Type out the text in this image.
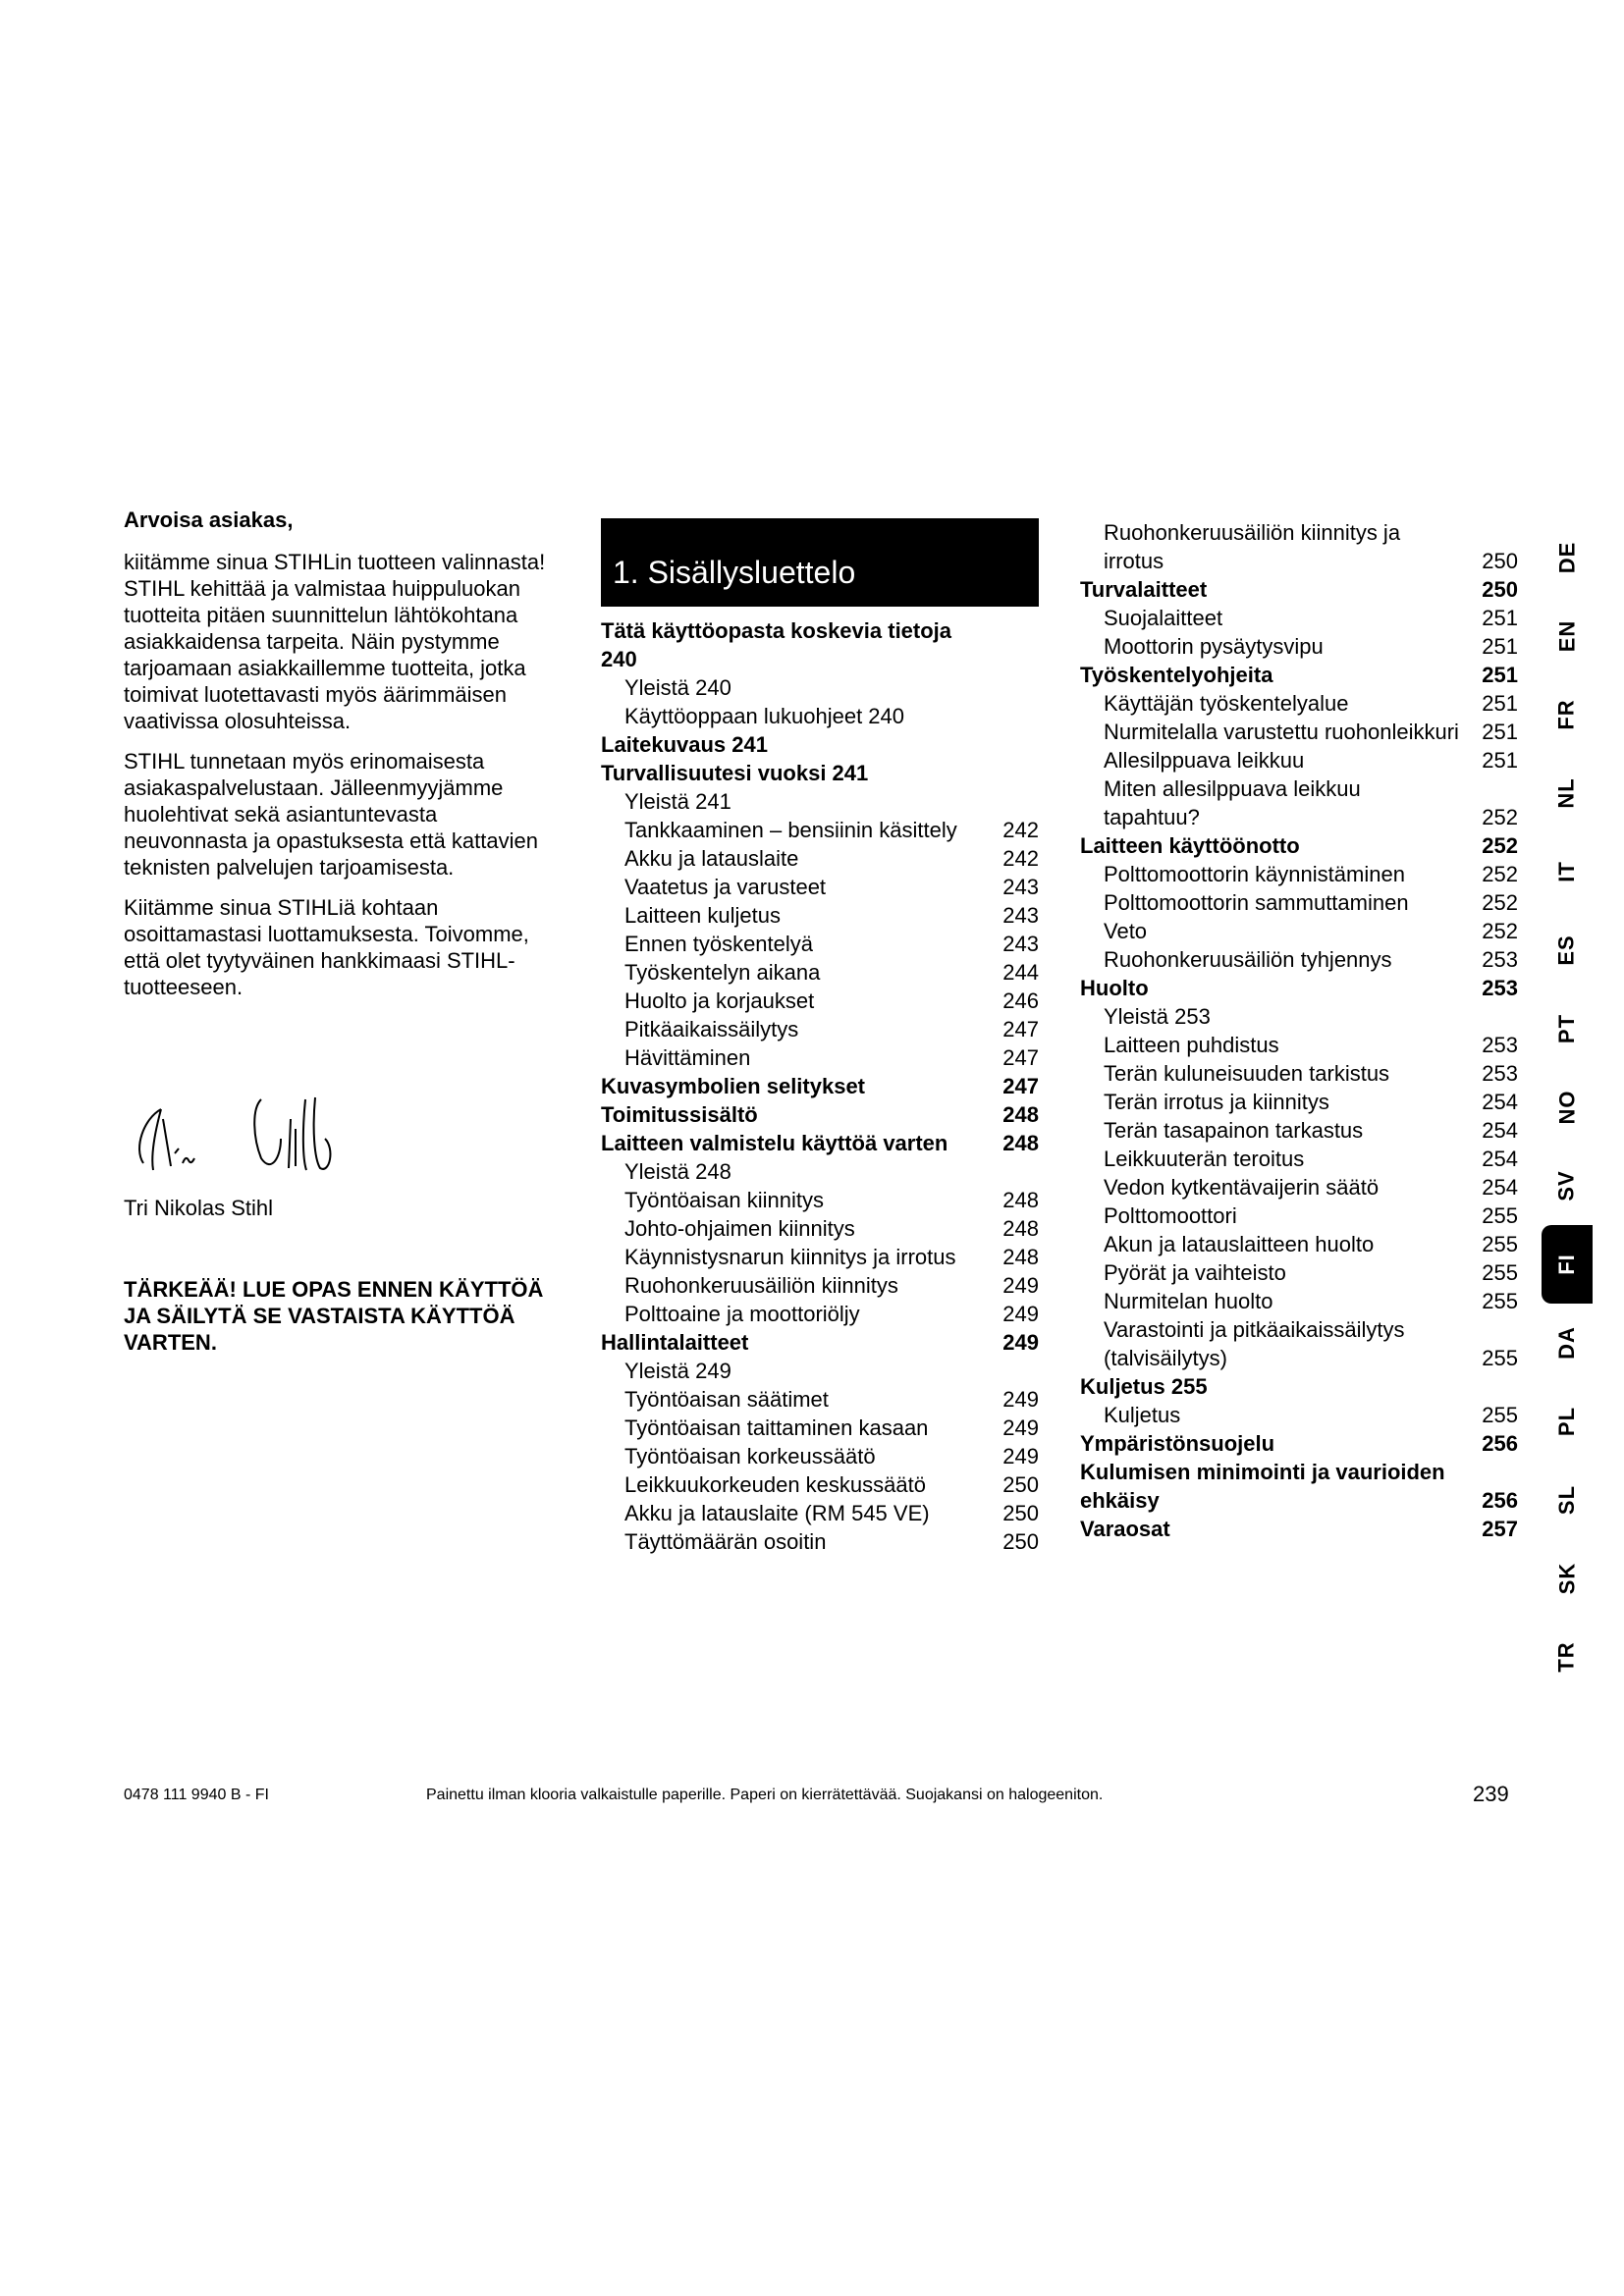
Arvoisa asiakas,

kiitämme sinua STIHLin tuotteen valinnasta! STIHL kehittää ja valmistaa huippuluokan tuotteita pitäen suunnittelun lähtökohtana asiakkaidensa tarpeita. Näin pystymme tarjoamaan asiakkaillemme tuotteita, jotka toimivat luotettavasti myös äärimmäisen vaativissa olosuhteissa.

STIHL tunnetaan myös erinomaisesta asiakaspalvelustaan. Jälleenmyyjämme huolehtivat sekä asiantuntevasta neuvonnasta ja opastuksesta että kattavien teknisten palvelujen tarjoamisesta.

Kiitämme sinua STIHLiä kohtaan osoittamastasi luottamuksesta. Toivomme, että olet tyytyväinen hankkimaasi STIHL-tuotteeseen.

Tri Nikolas Stihl
TÄRKEÄÄ! LUE OPAS ENNEN KÄYTTÖÄ JA SÄILYTÄ SE VASTAISTA KÄYTTÖÄ VARTEN.
1. Sisällysluettelo
Tätä käyttöopasta koskevia tietoja 240
Yleistä 240
Käyttöoppaan lukuohjeet 240
Laitekuvaus 241
Turvallisuutesi vuoksi 241
Yleistä 241
Tankkaaminen – bensiinin käsittely	242
Akku ja latauslaite	242
Vaatetus ja varusteet	243
Laitteen kuljetus	243
Ennen työskentelyä	243
Työskentelyn aikana	244
Huolto ja korjaukset	246
Pitkäaikaissäilytys	247
Hävittäminen	247
Kuvasymbolien selitykset	247
Toimitussisältö	248
Laitteen valmistelu käyttöä varten	248
Yleistä 248
Työntöaisan kiinnitys	248
Johto-ohjaimen kiinnitys	248
Käynnistysnarun kiinnitys ja irrotus	248
Ruohonkeruusäiliön kiinnitys	249
Polttoaine ja moottoriöljy	249
Hallintalaitteet	249
Yleistä 249
Työntöaisan säätimet	249
Työntöaisan taittaminen kasaan	249
Työntöaisan korkeussäätö	249
Leikkuukorkeuden keskussäätö	250
Akku ja latauslaite (RM 545 VE)	250
Täyttömäärän osoitin	250
Ruohonkeruusäiliön kiinnitys ja irrotus	250
Turvalaitteet	250
Suojalaitteet	251
Moottorin pysäytysvipu	251
Työskentelyohjeita	251
Käyttäjän työskentelyalue	251
Nurmitelalla varustettu ruohonleikkuri	251
Allesilppuava leikkuu	251
Miten allesilppuava leikkuu tapahtuu?	252
Laitteen käyttöönotto	252
Polttomoottorin käynnistäminen	252
Polttomoottorin sammuttaminen	252
Veto	252
Ruohonkeruusäiliön tyhjennys	253
Huolto	253
Yleistä 253
Laitteen puhdistus	253
Terän kuluneisuuden tarkistus	253
Terän irrotus ja kiinnitys	254
Terän tasapainon tarkastus	254
Leikkuuterän teroitus	254
Vedon kytkentävaijerin säätö	254
Polttomoottori	255
Akun ja latauslaitteen huolto	255
Pyörät ja vaihteisto	255
Nurmitelan huolto	255
Varastointi ja pitkäaikaissäilytys (talvisäilytys)	255
Kuljetus 255
Kuljetus	255
Ympäristönsuojelu	256
Kulumisen minimointi ja vaurioiden ehkäisy	256
Varaosat	257
DE
EN
FR
NL
IT
ES
PT
NO
SV
FI
DA
PL
SL
SK
TR
0478 111 9940 B - FI	Painettu ilman klooria valkaistulle paperille. Paperi on kierrätettävää. Suojakansi on halogeeniton.	239
